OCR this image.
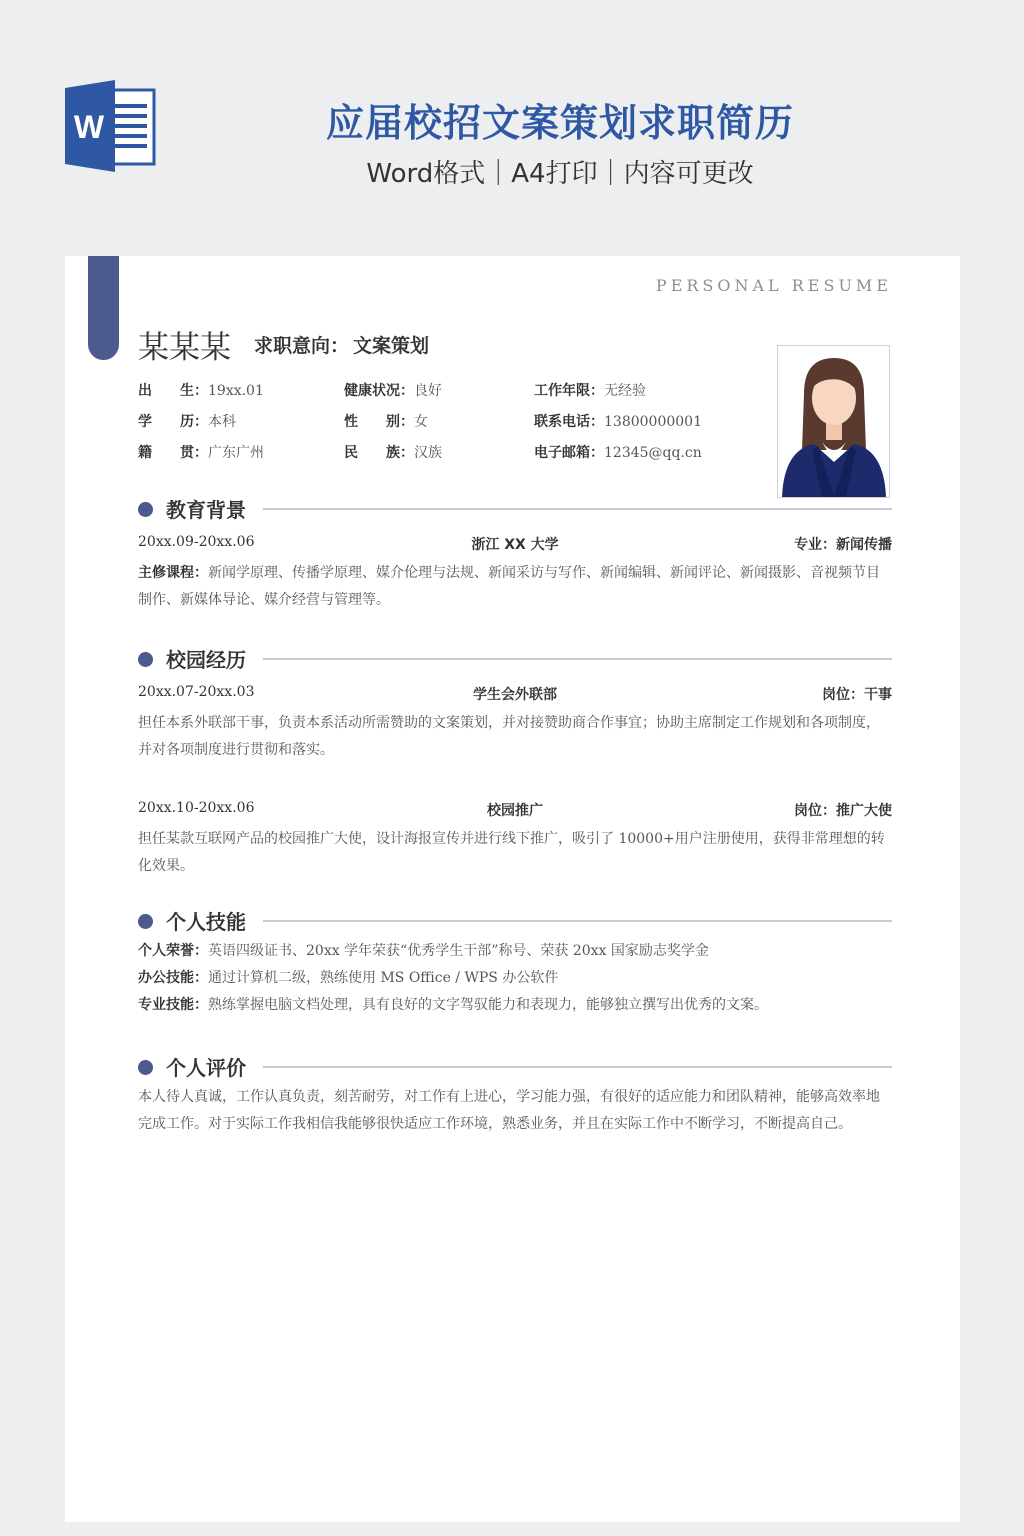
W	应届校招文案策划求职简历
Word格式｜A4打印｜内容可更改
PERSONAL RESUME
某某某 求职意向： 文案策划
出　　生：19xx.01	健康状况：良好	工作年限：无经验
学　　历：本科	性　　别：女	联系电话：13800000001
籍　　贯：广东广州	民　　族：汉族	电子邮箱：12345@qq.cn
教育背景
20xx.09-20xx.06	浙江 XX 大学	专业：新闻传播

主修课程：新闻学原理、传播学原理、媒介伦理与法规、新闻采访与写作、新闻编辑、新闻评论、新闻摄影、音视频节目制作、新媒体导论、媒介经营与管理等。

校园经历
20xx.07-20xx.03	学生会外联部	岗位：干事

担任本系外联部干事，负责本系活动所需赞助的文案策划，并对接赞助商合作事宜；协助主席制定工作规划和各项制度，并对各项制度进行贯彻和落实。

20xx.10-20xx.06	校园推广	岗位：推广大使

担任某款互联网产品的校园推广大使，设计海报宣传并进行线下推广，吸引了 10000+用户注册使用，获得非常理想的转化效果。

个人技能

个人荣誉：英语四级证书、20xx 学年荣获“优秀学生干部”称号、荣获 20xx 国家励志奖学金

办公技能：通过计算机二级，熟练使用 MS Office / WPS 办公软件

专业技能：熟练掌握电脑文档处理，具有良好的文字驾驭能力和表现力，能够独立撰写出优秀的文案。

个人评价

本人待人真诚，工作认真负责，刻苦耐劳，对工作有上进心，学习能力强，有很好的适应能力和团队精神，能够高效率地完成工作。对于实际工作我相信我能够很快适应工作环境，熟悉业务，并且在实际工作中不断学习，不断提高自己。
